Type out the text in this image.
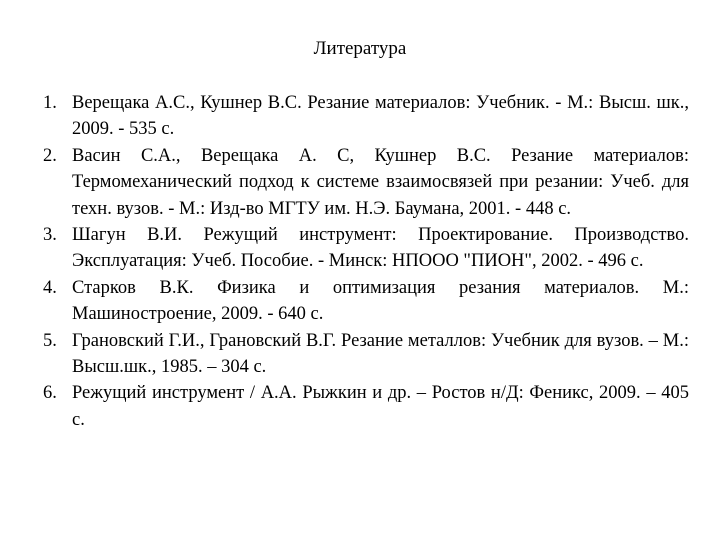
Литература
1. Верещака А.С., Кушнер В.С. Резание материалов: Учебник. - М.: Высш. шк., 2009. - 535 с.
2. Васин С.А., Верещака А. С, Кушнер В.С. Резание материалов: Термомеханический подход к системе взаимосвязей при резании: Учеб. для техн. вузов. - М.: Изд-во МГТУ им. Н.Э. Баумана, 2001. - 448 с.
3. Шагун В.И. Режущий инструмент: Проектирование. Производство. Эксплуатация: Учеб. Пособие. - Минск: НПООО "ПИОН", 2002. - 496 с.
4. Старков В.К. Физика и оптимизация резания материалов. М.: Машиностроение, 2009. - 640 с.
5. Грановский Г.И., Грановский В.Г. Резание металлов: Учебник для вузов. – М.: Высш.шк., 1985. – 304 с.
6. Режущий инструмент / А.А. Рыжкин и др. – Ростов н/Д: Феникс, 2009. – 405 с.
